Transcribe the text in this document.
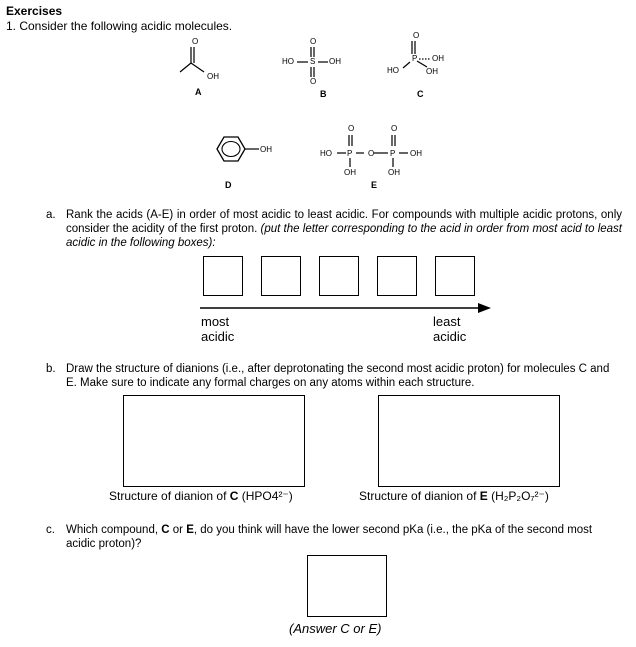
Exercises
1. Consider the following acidic molecules.
O
OH
A
HO
O
S OH
O
B
O
P OH
HO	OH
C
OH
D
O	O
HO P O P OH
OH	OH
E
a. Rank the acids (A-E) in order of most acidic to least acidic. For compounds with multiple acidic protons, only consider the acidity of the first proton. (put the letter corresponding to the acid in order from most acid to least acidic in the following boxes):
most
acidic
least
acidic
b. Draw the structure of dianions (i.e., after deprotonating the second most acidic proton) for molecules C and E. Make sure to indicate any formal charges on any atoms within each structure.
Structure of dianion of C (HPO4²⁻)	Structure of dianion of E (H₂P₂O₇²⁻)
c. Which compound, C or E, do you think will have the lower second pKa (i.e., the pKa of the second most acidic proton)?
(Answer C or E)
